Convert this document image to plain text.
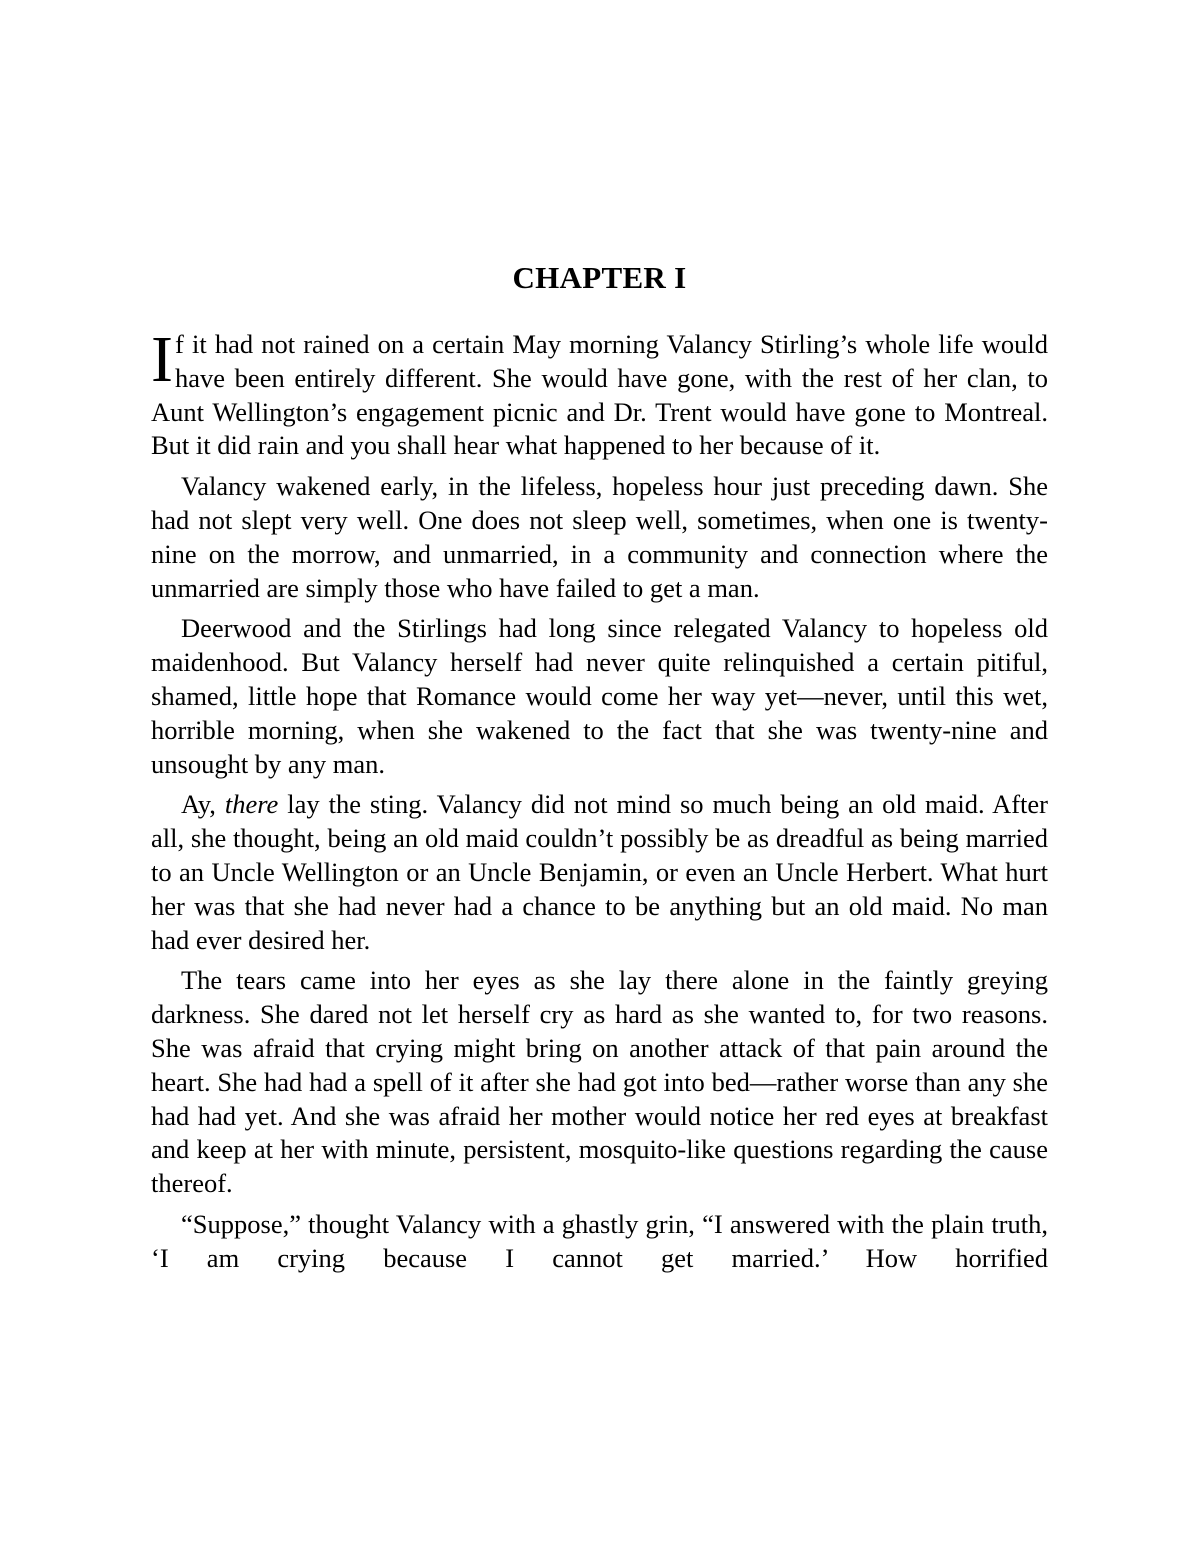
CHAPTER I

If it had not rained on a certain May morning Valancy Stirling’s whole life would have been entirely different. She would have gone, with the rest of her clan, to Aunt Wellington’s engagement picnic and Dr. Trent would have gone to Montreal. But it did rain and you shall hear what happened to her because of it.

Valancy wakened early, in the lifeless, hopeless hour just preceding dawn. She had not slept very well. One does not sleep well, sometimes, when one is twenty-nine on the morrow, and unmarried, in a community and connection where the unmarried are simply those who have failed to get a man.

Deerwood and the Stirlings had long since relegated Valancy to hopeless old maidenhood. But Valancy herself had never quite relinquished a certain pitiful, shamed, little hope that Romance would come her way yet—never, until this wet, horrible morning, when she wakened to the fact that she was twenty-nine and unsought by any man.

Ay, there lay the sting. Valancy did not mind so much being an old maid. After all, she thought, being an old maid couldn’t possibly be as dreadful as being married to an Uncle Wellington or an Uncle Benjamin, or even an Uncle Herbert. What hurt her was that she had never had a chance to be anything but an old maid. No man had ever desired her.

The tears came into her eyes as she lay there alone in the faintly greying darkness. She dared not let herself cry as hard as she wanted to, for two reasons. She was afraid that crying might bring on another attack of that pain around the heart. She had had a spell of it after she had got into bed—rather worse than any she had had yet. And she was afraid her mother would notice her red eyes at breakfast and keep at her with minute, persistent, mosquito-like questions regarding the cause thereof.

“Suppose,” thought Valancy with a ghastly grin, “I answered with the plain truth, ‘I am crying because I cannot get married.’ How horrified
